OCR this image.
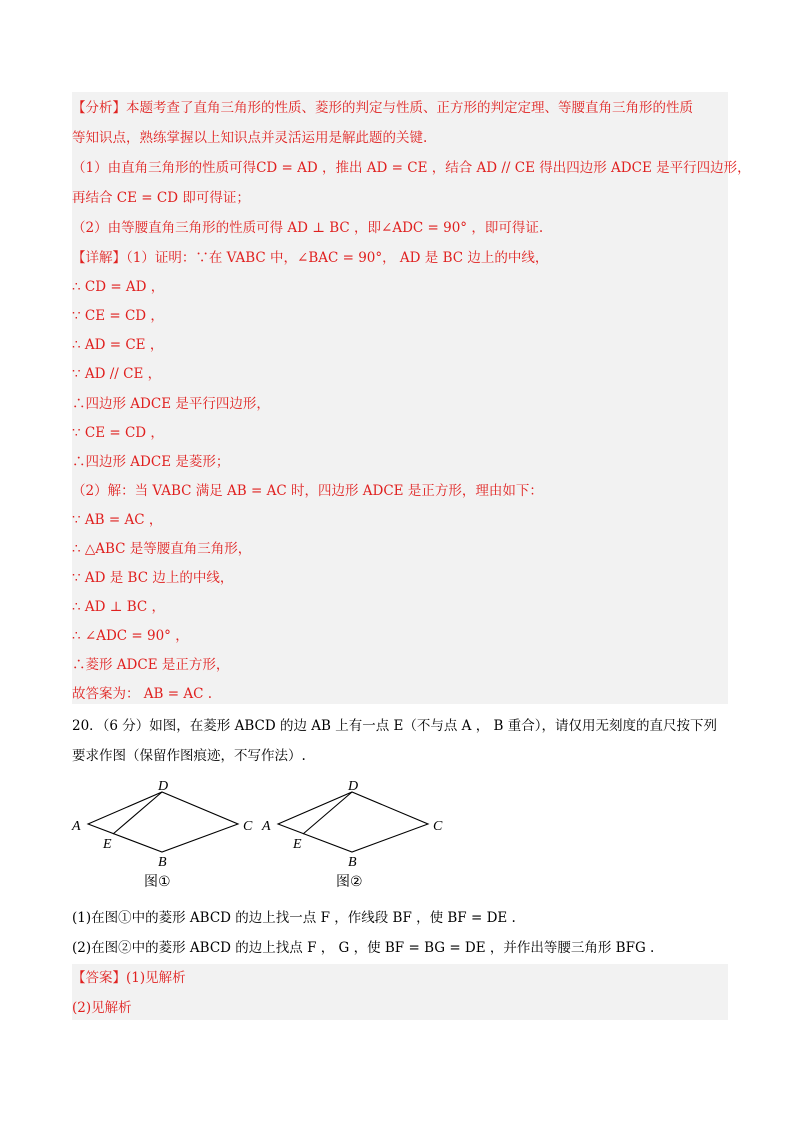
【分析】本题考查了直角三角形的性质、菱形的判定与性质、正方形的判定定理、等腰直角三角形的性质
等知识点，熟练掌握以上知识点并灵活运用是解此题的关键.
（1）由直角三角形的性质可得CD = AD ，推出 AD = CE ，结合 AD // CE 得出四边形 ADCE 是平行四边形，
再结合 CE = CD 即可得证；
（2）由等腰直角三角形的性质可得 AD ⊥ BC ，即∠ADC = 90° ，即可得证.
【详解】（1）证明：∵在 VABC 中，∠BAC = 90°， AD 是 BC 边上的中线，
∴ CD = AD ，
∵ CE = CD ，
∴ AD = CE ，
∵ AD // CE ，
∴四边形 ADCE 是平行四边形，
∵ CE = CD ，
∴四边形 ADCE 是菱形；
（2）解：当 VABC 满足 AB = AC 时，四边形 ADCE 是正方形，理由如下：
∵ AB = AC ，
∴ △ABC 是等腰直角三角形，
∵ AD 是 BC 边上的中线，
∴ AD ⊥ BC ，
∴ ∠ADC = 90° ，
∴菱形 ADCE 是正方形，
故答案为： AB = AC .
20．（6 分）如图，在菱形 ABCD 的边 AB 上有一点 E（不与点 A ， B 重合），请仅用无刻度的直尺按下列
要求作图（保留作图痕迹，不写作法）.
A
D
C
E
B
图①
A
D
C
E
B
图②
(1)在图①中的菱形 ABCD 的边上找一点 F ，作线段 BF ，使 BF = DE .
(2)在图②中的菱形 ABCD 的边上找点 F ， G ，使 BF = BG = DE ，并作出等腰三角形 BFG .
【答案】(1)见解析
(2)见解析
